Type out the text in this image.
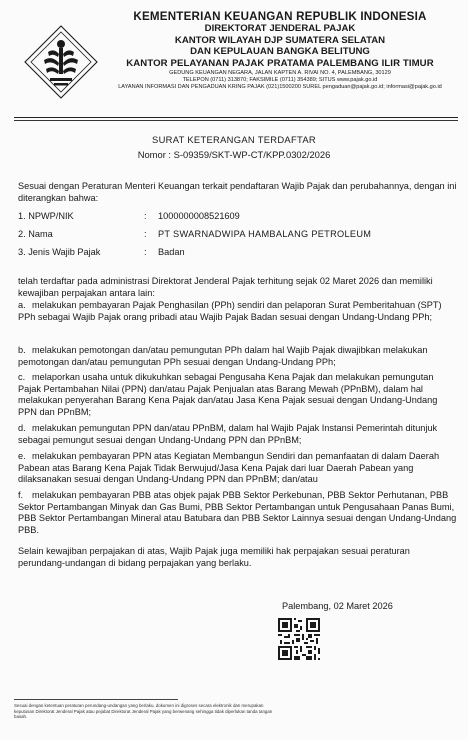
KEMENTERIAN KEUANGAN REPUBLIK INDONESIA
DIREKTORAT JENDERAL PAJAK
KANTOR WILAYAH DJP SUMATERA SELATAN
DAN KEPULAUAN BANGKA BELITUNG
KANTOR PELAYANAN PAJAK PRATAMA PALEMBANG ILIR TIMUR
GEDUNG KEUANGAN NEGARA, JALAN KAPTEN A. RIVAI NO. 4, PALEMBANG, 30129
TELEPON (0711) 313870; FAKSIMILE (0711) 354389; SITUS www.pajak.go.id
LAYANAN INFORMASI DAN PENGADUAN KRING PAJAK (021)1500200 SUREL pengaduan@pajak.go.id; informasi@pajak.go.id
SURAT KETERANGAN TERDAFTAR
Nomor : S-09359/SKT-WP-CT/KPP.0302/2026
Sesuai dengan Peraturan Menteri Keuangan terkait pendaftaran Wajib Pajak dan perubahannya, dengan ini diterangkan bahwa:
1. NPWP/NIK	: 1000000008521609
2. Nama	: PT SWARNADWIPA HAMBALANG PETROLEUM
3. Jenis Wajib Pajak	: Badan
telah terdaftar pada administrasi Direktorat Jenderal Pajak terhitung sejak 02 Maret 2026 dan memiliki kewajiban perpajakan antara lain:
a. melakukan pembayaran Pajak Penghasilan (PPh) sendiri dan pelaporan Surat Pemberitahuan (SPT) PPh sebagai Wajib Pajak orang pribadi atau Wajib Pajak Badan sesuai dengan Undang-Undang PPh;
b. melakukan pemotongan dan/atau pemungutan PPh dalam hal Wajib Pajak diwajibkan melakukan pemotongan dan/atau pemungutan PPh sesuai dengan Undang-Undang PPh;
c. melaporkan usaha untuk dikukuhkan sebagai Pengusaha Kena Pajak dan melakukan pemungutan Pajak Pertambahan Nilai (PPN) dan/atau Pajak Penjualan atas Barang Mewah (PPnBM), dalam hal melakukan penyerahan Barang Kena Pajak dan/atau Jasa Kena Pajak sesuai dengan Undang-Undang PPN dan PPnBM;
d. melakukan pemungutan PPN dan/atau PPnBM, dalam hal Wajib Pajak Instansi Pemerintah ditunjuk sebagai pemungut sesuai dengan Undang-Undang PPN dan PPnBM;
e. melakukan pembayaran PPN atas Kegiatan Membangun Sendiri dan pemanfaatan di dalam Daerah Pabean atas Barang Kena Pajak Tidak Berwujud/Jasa Kena Pajak dari luar Daerah Pabean yang dilaksanakan sesuai dengan Undang-Undang PPN dan PPnBM; dan/atau
f. melakukan pembayaran PBB atas objek pajak PBB Sektor Perkebunan, PBB Sektor Perhutanan, PBB Sektor Pertambangan Minyak dan Gas Bumi, PBB Sektor Pertambangan untuk Pengusahaan Panas Bumi, PBB Sektor Pertambangan Mineral atau Batubara dan PBB Sektor Lainnya sesuai dengan Undang-Undang PBB.
Selain kewajiban perpajakan di atas, Wajib Pajak juga memiliki hak perpajakan sesuai peraturan perundang-undangan di bidang perpajakan yang berlaku.
Palembang, 02 Maret 2026
Sesuai dengan ketentuan peraturan perundang-undangan yang berlaku, dokumen ini digroses secara elektronik dan merupakan keputusan Direktorat Jenderal Pajak atau pejabat Direktorat Jenderal Pajak yang berwenang sehingga tidak diperlukan tanda tangan basah.
